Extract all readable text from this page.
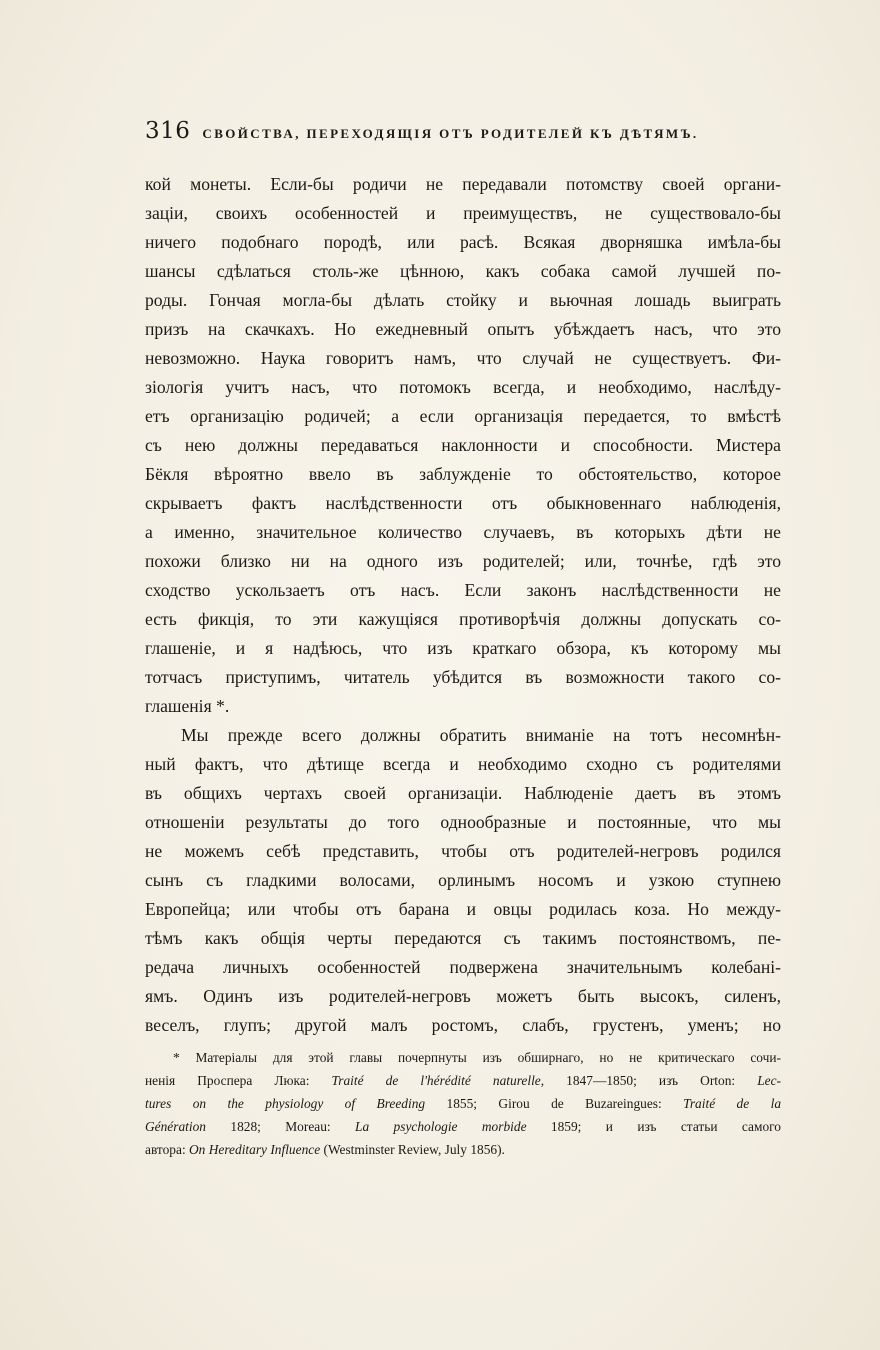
316 СВОЙСТВА, ПЕРЕХОДЯЩІЯ ОТЪ РОДИТЕЛЕЙ КЪ ДѢТЯМЪ.
кой монеты. Если-бы родичи не передавали потомству своей органи-
заціи, своихъ особенностей и преимуществъ, не существовало-бы
ничего подобнаго породѣ, или расѣ. Всякая дворняшка имѣла-бы
шансы сдѣлаться столь-же цѣнною, какъ собака самой лучшей по-
роды. Гончая могла-бы дѣлать стойку и вьючная лошадь выиграть
призъ на скачкахъ. Но ежедневный опытъ убѣждаетъ насъ, что это
невозможно. Наука говоритъ намъ, что случай не существуетъ. Фи-
зіологія учитъ насъ, что потомокъ всегда, и необходимо, наслѣду-
етъ организацію родичей; а если организація передается, то вмѣстѣ
съ нею должны передаваться наклонности и способности. Мистера
Бёкля вѣроятно ввело въ заблужденіе то обстоятельство, которое
скрываетъ фактъ наслѣдственности отъ обыкновеннаго наблюденія,
а именно, значительное количество случаевъ, въ которыхъ дѣти не
похожи близко ни на одного изъ родителей; или, точнѣе, гдѣ это
сходство ускользаетъ отъ насъ. Если законъ наслѣдственности не
есть фикція, то эти кажущіяся противорѣчія должны допускать со-
глашеніе, и я надѣюсь, что изъ краткаго обзора, къ которому мы
тотчасъ приступимъ, читатель убѣдится въ возможности такого со-
глашенія *.
Мы прежде всего должны обратить вниманіе на тотъ несомнѣн-
ный фактъ, что дѣтище всегда и необходимо сходно съ родителями
въ общихъ чертахъ своей организаціи. Наблюденіе даетъ въ этомъ
отношеніи результаты до того однообразные и постоянные, что мы
не можемъ себѣ представить, чтобы отъ родителей-негровъ родился
сынъ съ гладкими волосами, орлинымъ носомъ и узкою ступнею
Европейца; или чтобы отъ барана и овцы родилась коза. Но между-
тѣмъ какъ общія черты передаются съ такимъ постоянствомъ, пе-
редача личныхъ особенностей подвержена значительнымъ колебані-
ямъ. Одинъ изъ родителей-негровъ можетъ быть высокъ, силенъ,
веселъ, глупъ; другой малъ ростомъ, слабъ, грустенъ, уменъ; но
* Матеріалы для этой главы почерпнуты изъ обширнаго, но не критическаго сочи-
ненія Проспера Люка: Traité de l'hérédité naturelle, 1847—1850; изъ Orton: Lec-
tures on the physiology of Breeding 1855; Girou de Buzareingues: Traité de la
Génération 1828; Moreau: La psychologie morbide 1859; и изъ статьи самого
автора: On Hereditary Influence (Westminster Review, July 1856).
